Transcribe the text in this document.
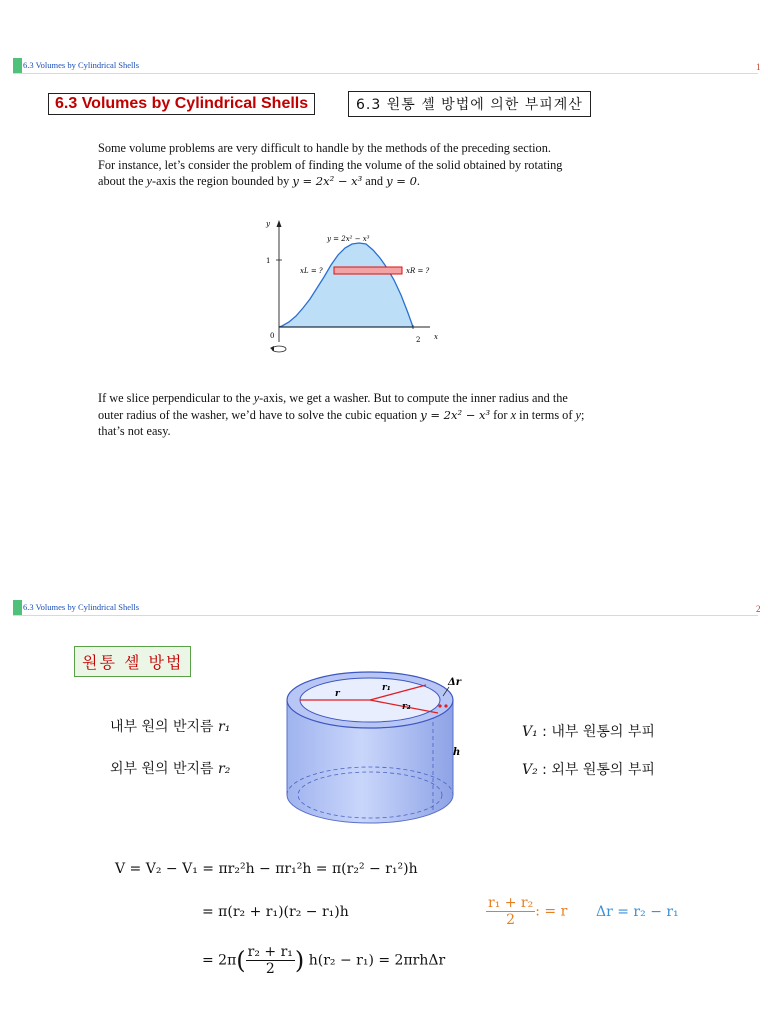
6.3 Volumes by Cylindrical Shells	1
6.3 Volumes by Cylindrical Shells	6.3 원통 셸 방법에 의한 부피계산

Some volume problems are very difficult to handle by the methods of the preceding section.

For instance, let’s consider the problem of finding the volume of the solid obtained by rotating

about the y-axis the region bounded by y = 2x² − x³ and y = 0.

y = 2x² − x³
xL = ?	xR = ?
y
x
1
2
0

If we slice perpendicular to the y-axis, we get a washer. But to compute the inner radius and the

outer radius of the washer, we’d have to solve the cubic equation y = 2x² − x³ for x in terms of y;

that’s not easy.

6.3 Volumes by Cylindrical Shells	2
원통 셸 방법
내부 원의 반지름 r₁
외부 원의 반지름 r₂
V₁ : 내부 원통의 부피
V₂ : 외부 원통의 부피
r
r₁
r₂
Δr
h
V = V₂ − V₁ = πr₂²h − πr₁²h = π(r₂² − r₁²)h
= π(r₂ + r₁)(r₂ − r₁)h
= $2\pi( \frac{\text{r₂ + r₁}}{2}$ ) h(r₂ − r₁) = 2πrhΔr
$\frac{\text{r₁ + r₂}}{2}$ : = r Δr = r₂ − r₁
